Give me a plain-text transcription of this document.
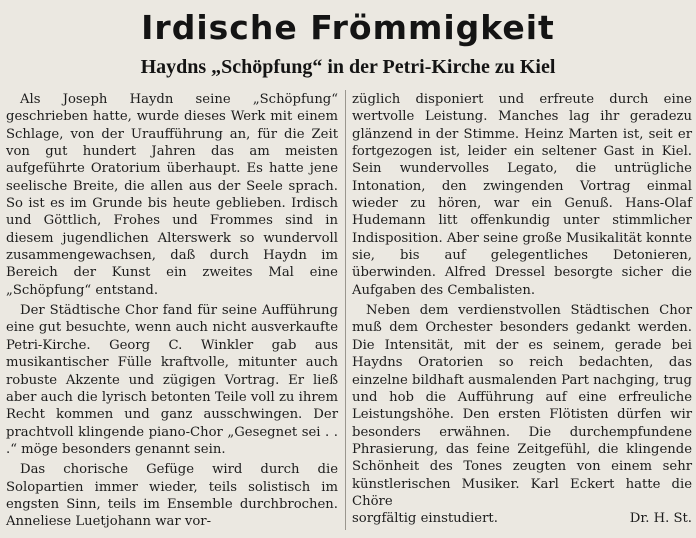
Irdische Frömmigkeit
Haydns „Schöpfung“ in der Petri-Kirche zu Kiel

Als Joseph Haydn seine „Schöpfung“ geschrieben hatte, wurde dieses Werk mit einem Schlage, von der Uraufführung an, für die Zeit von gut hundert Jahren das am meisten aufgeführte Oratorium überhaupt. Es hatte jene seelische Breite, die allen aus der Seele sprach. So ist es im Grunde bis heute geblieben. Irdisch und Göttlich, Frohes und Frommes sind in diesem jugendlichen Alterswerk so wundervoll zusammengewachsen, daß durch Haydn im Bereich der Kunst ein zweites Mal eine „Schöpfung“ entstand.

Der Städtische Chor fand für seine Aufführung eine gut besuchte, wenn auch nicht ausverkaufte Petri-Kirche. Georg C. Winkler gab aus musikantischer Fülle kraftvolle, mitunter auch robuste Akzente und zügigen Vortrag. Er ließ aber auch die lyrisch betonten Teile voll zu ihrem Recht kommen und ganz ausschwingen. Der prachtvoll klingende piano-Chor „Gesegnet sei . . .“ möge besonders genannt sein.

Das chorische Gefüge wird durch die Solopartien immer wieder, teils solistisch im engsten Sinn, teils im Ensemble durchbrochen. Anneliese Luetjohann war vor-

züglich disponiert und erfreute durch eine wertvolle Leistung. Manches lag ihr geradezu glänzend in der Stimme. Heinz Marten ist, seit er fortgezogen ist, leider ein seltener Gast in Kiel. Sein wundervolles Legato, die untrügliche Intonation, den zwingenden Vortrag einmal wieder zu hören, war ein Genuß. Hans-Olaf Hudemann litt offenkundig unter stimmlicher Indisposition. Aber seine große Musikalität konnte sie, bis auf gelegentliches Detonieren, überwinden. Alfred Dressel besorgte sicher die Aufgaben des Cembalisten.

Neben dem verdienstvollen Städtischen Chor muß dem Orchester besonders gedankt werden. Die Intensität, mit der es seinem, gerade bei Haydns Oratorien so reich bedachten, das einzelne bildhaft ausmalenden Part nachging, trug und hob die Aufführung auf eine erfreuliche Leistungshöhe. Den ersten Flötisten dürfen wir besonders erwähnen. Die durchempfundene Phrasierung, das feine Zeitgefühl, die klingende Schönheit des Tones zeugten von einem sehr künstlerischen Musiker. Karl Eckert hatte die Chöre

sorgfältig einstudiert.	Dr. H. St.
